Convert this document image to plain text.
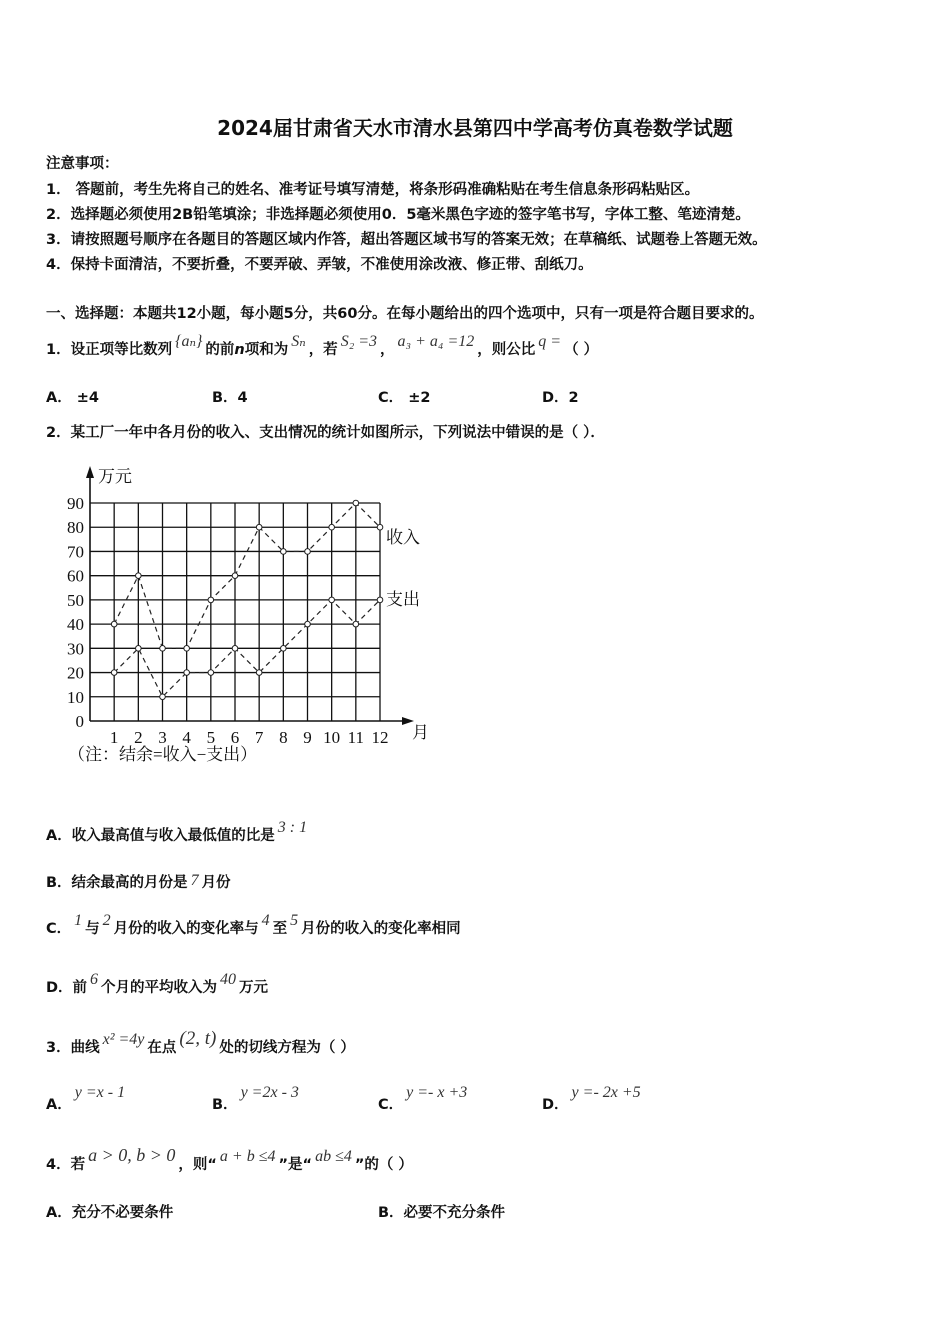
2024届甘肃省天水市清水县第四中学高考仿真卷数学试题
注意事项：
1． 答题前，考生先将自己的姓名、准考证号填写清楚，将条形码准确粘贴在考生信息条形码粘贴区。
2．选择题必须使用2B铅笔填涂；非选择题必须使用0．5毫米黑色字迹的签字笔书写，字体工整、笔迹清楚。
3．请按照题号顺序在各题目的答题区域内作答，超出答题区域书写的答案无效；在草稿纸、试题卷上答题无效。
4．保持卡面清洁，不要折叠，不要弄破、弄皱，不准使用涂改液、修正带、刮纸刀。
一、选择题：本题共12小题，每小题5分，共60分。在每小题给出的四个选项中，只有一项是符合题目要求的。
1．设正项等比数列 {aₙ} 的前n项和为 Sₙ ，若 S₂ =3 ， a₃ + a₄ =12 ，则公比 q = （ ）
A． ±4	B．4	C． ±2	D．2
2．某工厂一年中各月份的收入、支出情况的统计如图所示，下列说法中错误的是（ ）．
0
10
20
30
40
50
60
70
80
90
1 2 3 4 5 6 7 8 9 10 11 12
万元
月
收入
支出
（注：结余=收入−支出）
A．收入最高值与收入最低值的比是 3 : 1
B．结余最高的月份是 7 月份
C． 1 与 2 月份的收入的变化率与 4 至 5 月份的收入的变化率相同
D．前 6 个月的平均收入为 40 万元
3．曲线 x² =4y 在点 (2, t) 处的切线方程为（ ）
A．y =x - 1
B．y =2x - 3
C．y =- x +3
D．y =- 2x +5
4．若 a > 0, b > 0 ，则“ a + b ≤4 ”是“ ab ≤4 ”的（ ）
A．充分不必要条件	B．必要不充分条件
